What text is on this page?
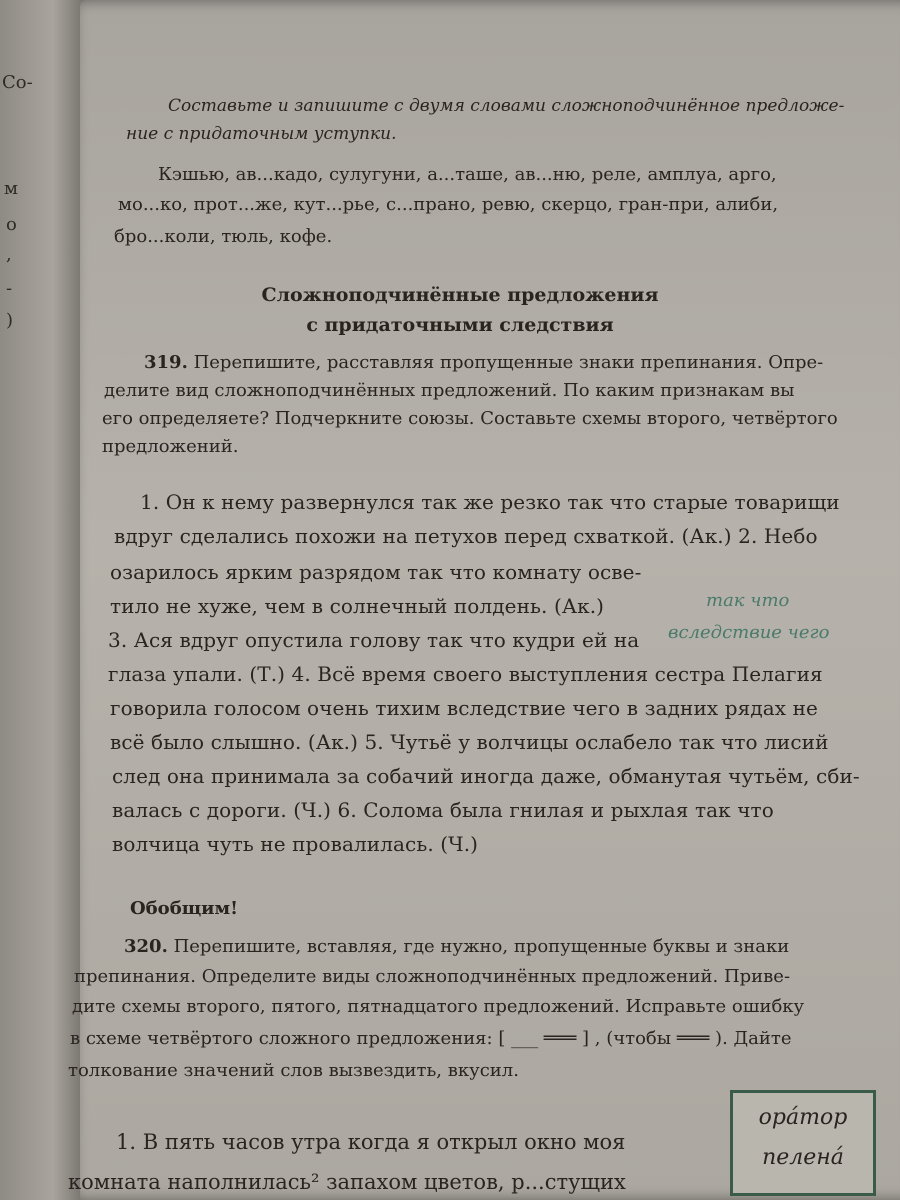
Со-
м
о
,
-
)
Составьте и запишите с двумя словами сложноподчинённое предложе-
ние с придаточным уступки.
Кэшью, ав...кадо, сулугуни, а...таше, ав...ню, реле, амплуа, арго,
мо...ко, прот...же, кут...рье, с...прано, ревю, скерцо, гран-при, алиби,
бро...коли, тюль, кофе.
Сложноподчинённые предложения
с придаточными следствия
319. Перепишите, расставляя пропущенные знаки препинания. Опре-
делите вид сложноподчинённых предложений. По каким признакам вы
его определяете? Подчеркните союзы. Составьте схемы второго, четвёртого
предложений.
1. Он к нему развернулся так же резко так что старые товарищи
вдруг сделались похожи на петухов перед схваткой. (Ак.) 2. Небо
озарилось ярким разрядом так что комнату осве-
тило не хуже, чем в солнечный полдень. (Ак.)
3. Ася вдруг опустила голову так что кудри ей на
глаза упали. (Т.) 4. Всё время своего выступления сестра Пелагия
говорила голосом очень тихим вследствие чего в задних рядах не
всё было слышно. (Ак.) 5. Чутьё у волчицы ослабело так что лисий
след она принимала за собачий иногда даже, обманутая чутьём, сби-
валась с дороги. (Ч.) 6. Солома была гнилая и рыхлая так что
волчица чуть не провалилась. (Ч.)
так что
вследствие чего
Обобщим!
320. Перепишите, вставляя, где нужно, пропущенные буквы и знаки
препинания. Определите виды сложноподчинённых предложений. Приве-
дите схемы второго, пятого, пятнадцатого предложений. Исправьте ошибку
в схеме четвёртого сложного предложения: [ ___ ═══ ] , (чтобы ═══ ). Дайте
толкование значений слов вызвездить, вкусил.
1. В пять часов утра когда я открыл окно моя
комната наполнилась² запахом цветов, р...стущих
ора́тор
пелена́
